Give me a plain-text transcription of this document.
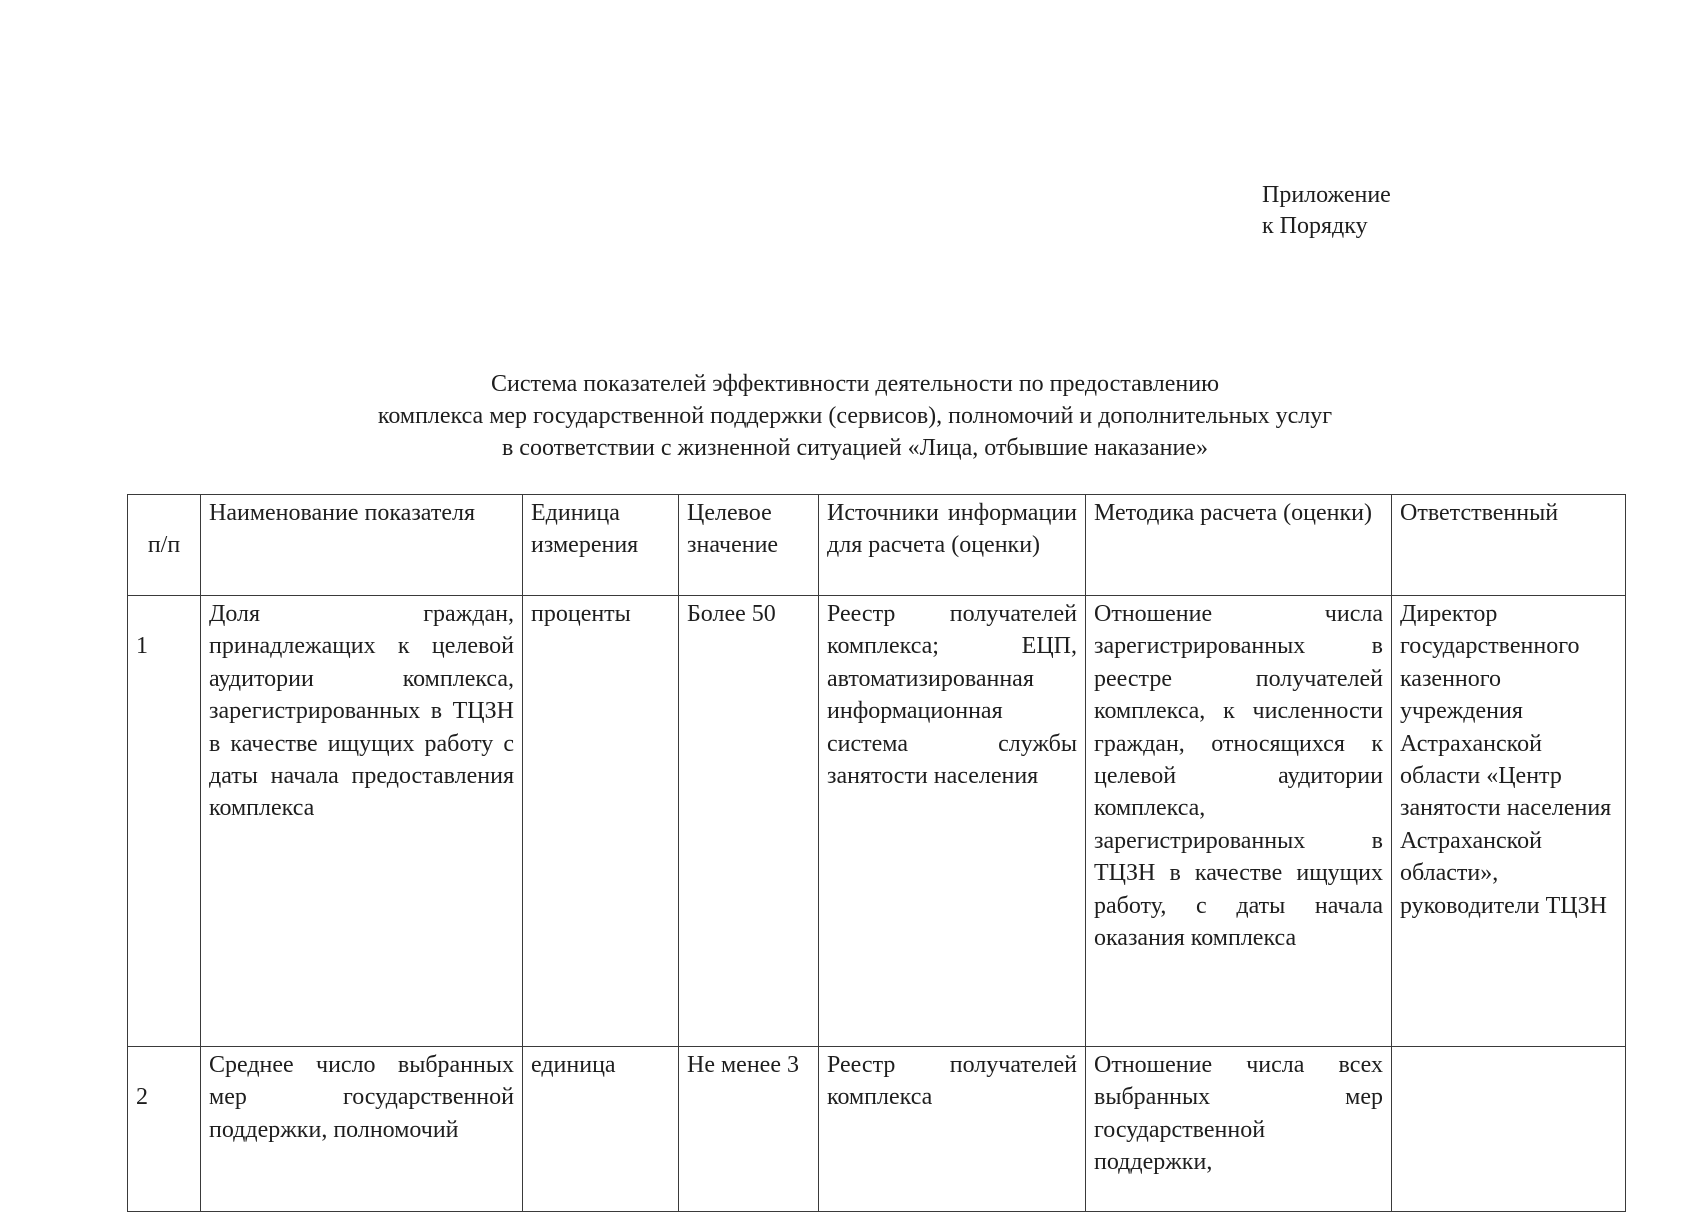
Приложение
к Порядку
Система показателей эффективности деятельности по предоставлению
комплекса мер государственной поддержки (сервисов), полномочий и дополнительных услуг
в соответствии с жизненной ситуацией «Лица, отбывшие наказание»
п/п	Наименование показателя	Единица измерения	Целевое значение	Источники информации для расчета (оценки)	Методика расчета (оценки)	Ответственный
1	Доля граждан, принадлежащих к целевой аудитории комплекса, зарегистрированных в ТЦЗН в качестве ищущих работу с даты начала предоставления комплекса	проценты	Более 50	Реестр получателей комплекса; ЕЦП, автоматизированная информационная система службы занятости населения	Отношение числа зарегистрированных в реестре получателей комплекса, к численности граждан, относящихся к целевой аудитории комплекса, зарегистрированных в ТЦЗН в качестве ищущих работу, с даты начала оказания комплекса	Директор государственного казенного учреждения Астраханской области «Центр занятости населения Астраханской области», руководители ТЦЗН
2	Среднее число выбранных мер государственной поддержки, полномочий	единица	Не менее 3	Реестр получателей комплекса	Отношение числа всех выбранных мер государственной поддержки,	
